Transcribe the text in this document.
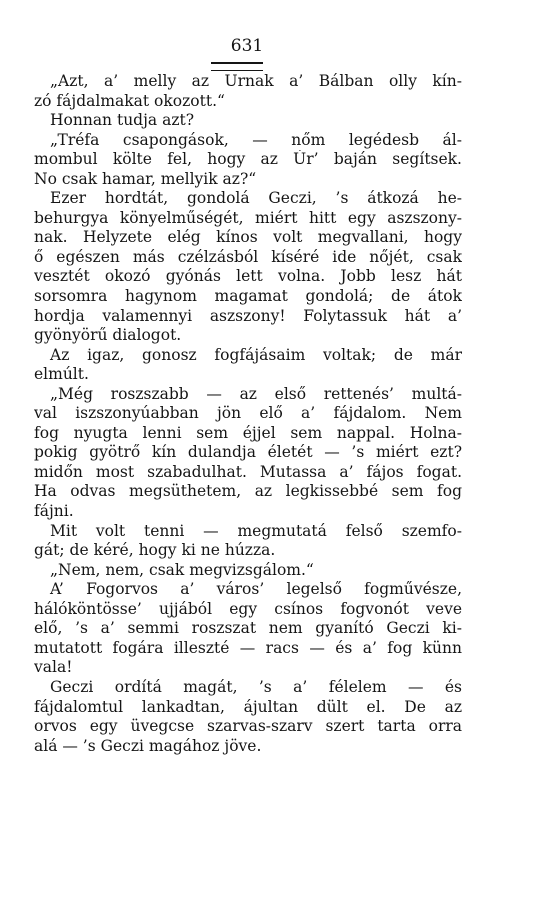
631
„Azt, a’ melly az Urnak a’ Bálban olly kín-
zó fájdalmakat okozott.“
Honnan tudja azt?
„Tréfa csapongások, — nőm legédesb ál-
mombul költe fel, hogy az Úr’ baján segítsek.
No csak hamar, mellyik az?“
Ezer hordtát, gondolá Geczi, ’s átkozá he-
behurgya könyelműségét, miért hitt egy aszszony-
nak. Helyzete elég kínos volt megvallani, hogy
ő egészen más czélzásból kíséré ide nőjét, csak
vesztét okozó gyónás lett volna. Jobb lesz hát
sorsomra hagynom magamat gondolá; de átok
hordja valamennyi aszszony! Folytassuk hát a’
gyönyörű dialogot.
Az igaz, gonosz fogfájásaim voltak; de már
elmúlt.
„Még roszszabb — az első rettenés’ multá-
val iszszonyúabban jön elő a’ fájdalom. Nem
fog nyugta lenni sem éjjel sem nappal. Holna-
pokig gyötrő kín dulandja életét — ’s miért ezt?
midőn most szabadulhat. Mutassa a’ fájos fogat.
Ha odvas megsüthetem, az legkissebbé sem fog
fájni.
Mit volt tenni — megmutatá felső szemfo-
gát; de kéré, hogy ki ne húzza.
„Nem, nem, csak megvizsgálom.“
A’ Fogorvos a’ város’ legelső fogművésze,
hálóköntösse’ ujjából egy csínos fogvonót veve
elő, ’s a’ semmi roszszat nem gyanító Geczi ki-
mutatott fogára illeszté — racs — és a’ fog künn
vala!
Geczi ordítá magát, ’s a’ félelem — és
fájdalomtul lankadtan, ájultan dült el. De az
orvos egy üvegcse szarvas-szarv szert tarta orra
alá — ’s Geczi magához jöve.
